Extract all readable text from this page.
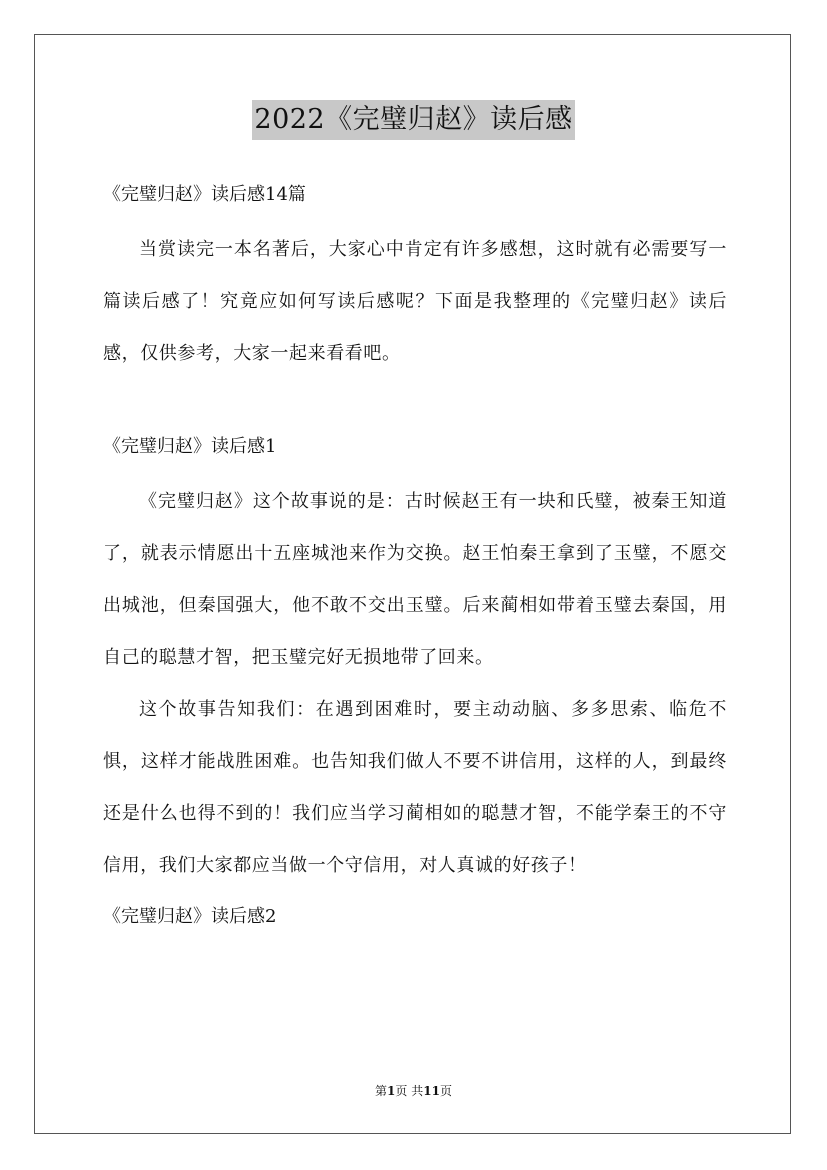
2022《完璧归赵》读后感

《完璧归赵》读后感14篇

当赏读完一本名著后，大家心中肯定有许多感想，这时就有必需要写一篇读后感了！究竟应如何写读后感呢？下面是我整理的《完璧归赵》读后感，仅供参考，大家一起来看看吧。

《完璧归赵》读后感1

《完璧归赵》这个故事说的是：古时候赵王有一块和氏璧，被秦王知道了，就表示情愿出十五座城池来作为交换。赵王怕秦王拿到了玉璧，不愿交出城池，但秦国强大，他不敢不交出玉璧。后来蔺相如带着玉璧去秦国，用自己的聪慧才智，把玉璧完好无损地带了回来。

这个故事告知我们：在遇到困难时，要主动动脑、多多思索、临危不惧，这样才能战胜困难。也告知我们做人不要不讲信用，这样的人，到最终还是什么也得不到的！我们应当学习蔺相如的聪慧才智，不能学秦王的不守信用，我们大家都应当做一个守信用，对人真诚的好孩子！

《完璧归赵》读后感2

第1页 共11页
